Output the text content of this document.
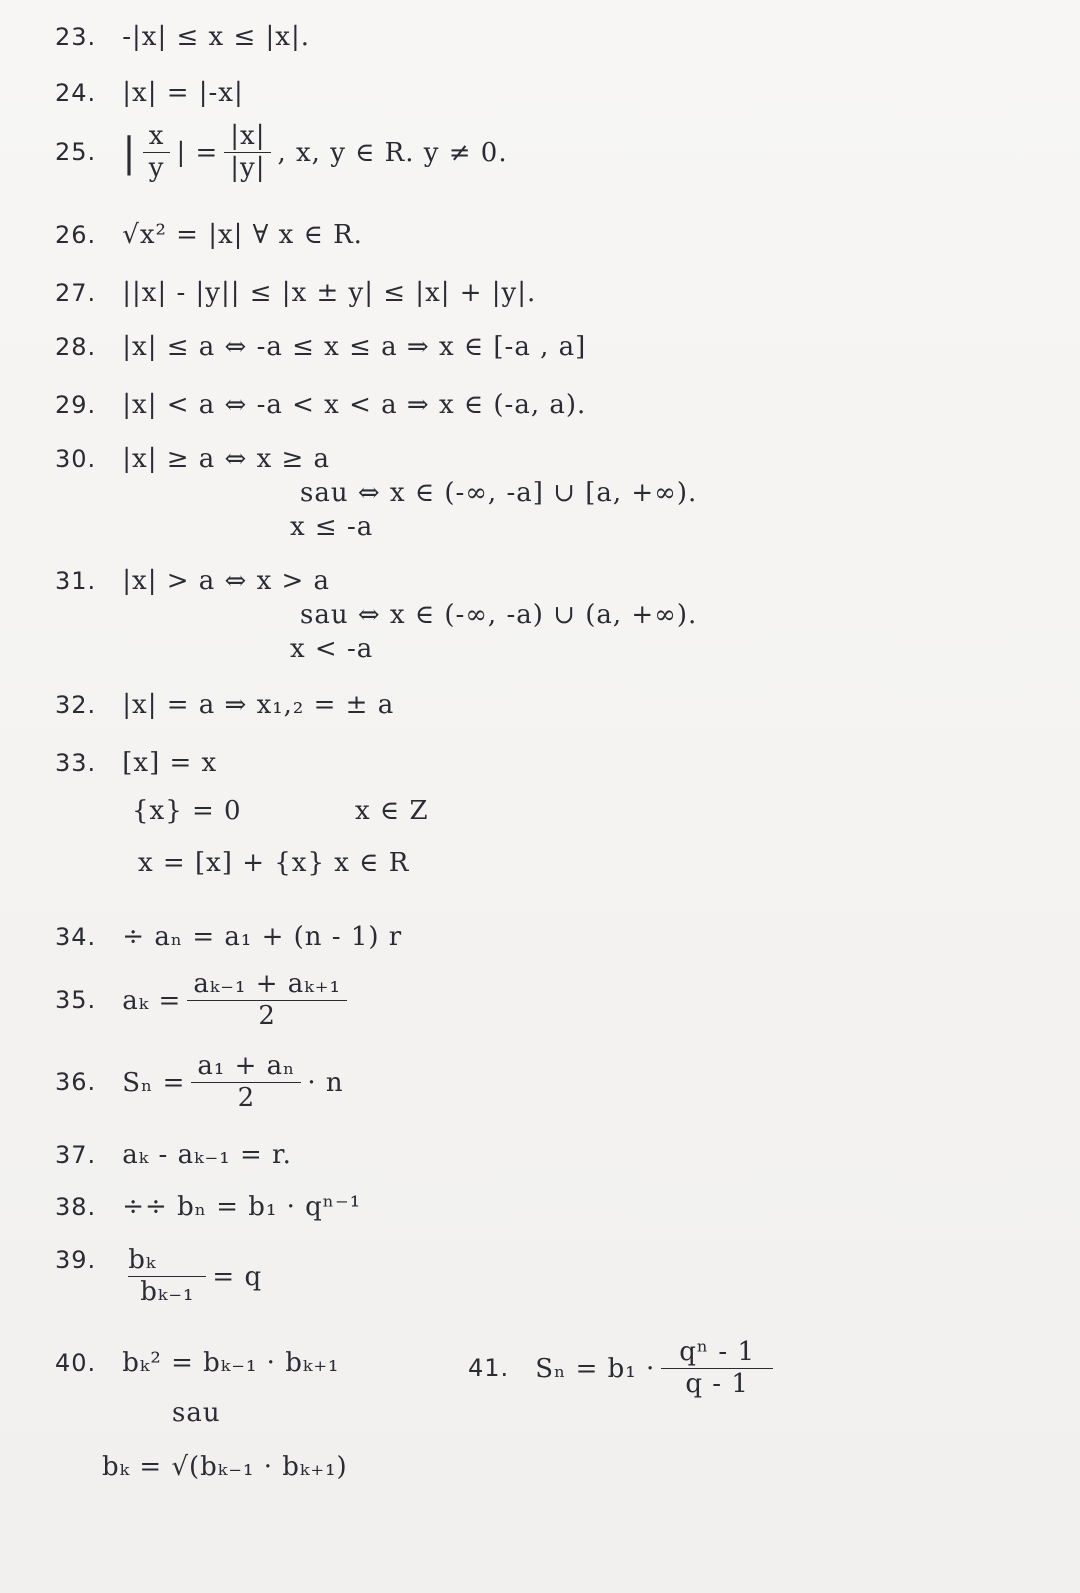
23. -|x| ≤ x ≤ |x|.
24. |x| = |-x|
25. | $\frac{x}{y}$ | = $\frac{|x|}{|y|}$ , x, y ∈ R. y ≠ 0.
26. √x² = |x| ∀ x ∈ R.
27. ||x| - |y|| ≤ |x ± y| ≤ |x| + |y|.
28. |x| ≤ a ⇔ -a ≤ x ≤ a ⇒ x ∈ [-a , a]
29. |x| < a ⇔ -a < x < a ⇒ x ∈ (-a, a).
30. |x| ≥ a ⇔ x ≥ a
sau ⇔ x ∈ (-∞, -a] ∪ [a, +∞).
x ≤ -a
31. |x| > a ⇔ x > a
sau ⇔ x ∈ (-∞, -a) ∪ (a, +∞).
x < -a
32. |x| = a ⇒ x₁,₂ = ± a
33. [x] = x
{x} = 0	x ∈ Z
x = [x] + {x} x ∈ R
34. ÷ aₙ = a₁ + (n - 1) r
35. $a_k = \frac{\text{aₖ₋₁ + aₖ₊₁}}{2}$
36. $S_n = \frac{\text{a₁ + aₙ}}{2} \cdot n$
37. aₖ - aₖ₋₁ = r.
38. ÷÷ bₙ = b₁ · qⁿ⁻¹
39. $\frac{\text{bₖ}}{\text{bₖ₋₁}} = q$
40. bₖ² = bₖ₋₁ · bₖ₊₁
sau
bₖ = √(bₖ₋₁ · bₖ₊₁)
41. $S_n = b_1 \cdot \frac{\text{qⁿ - 1}}{q - 1}$
